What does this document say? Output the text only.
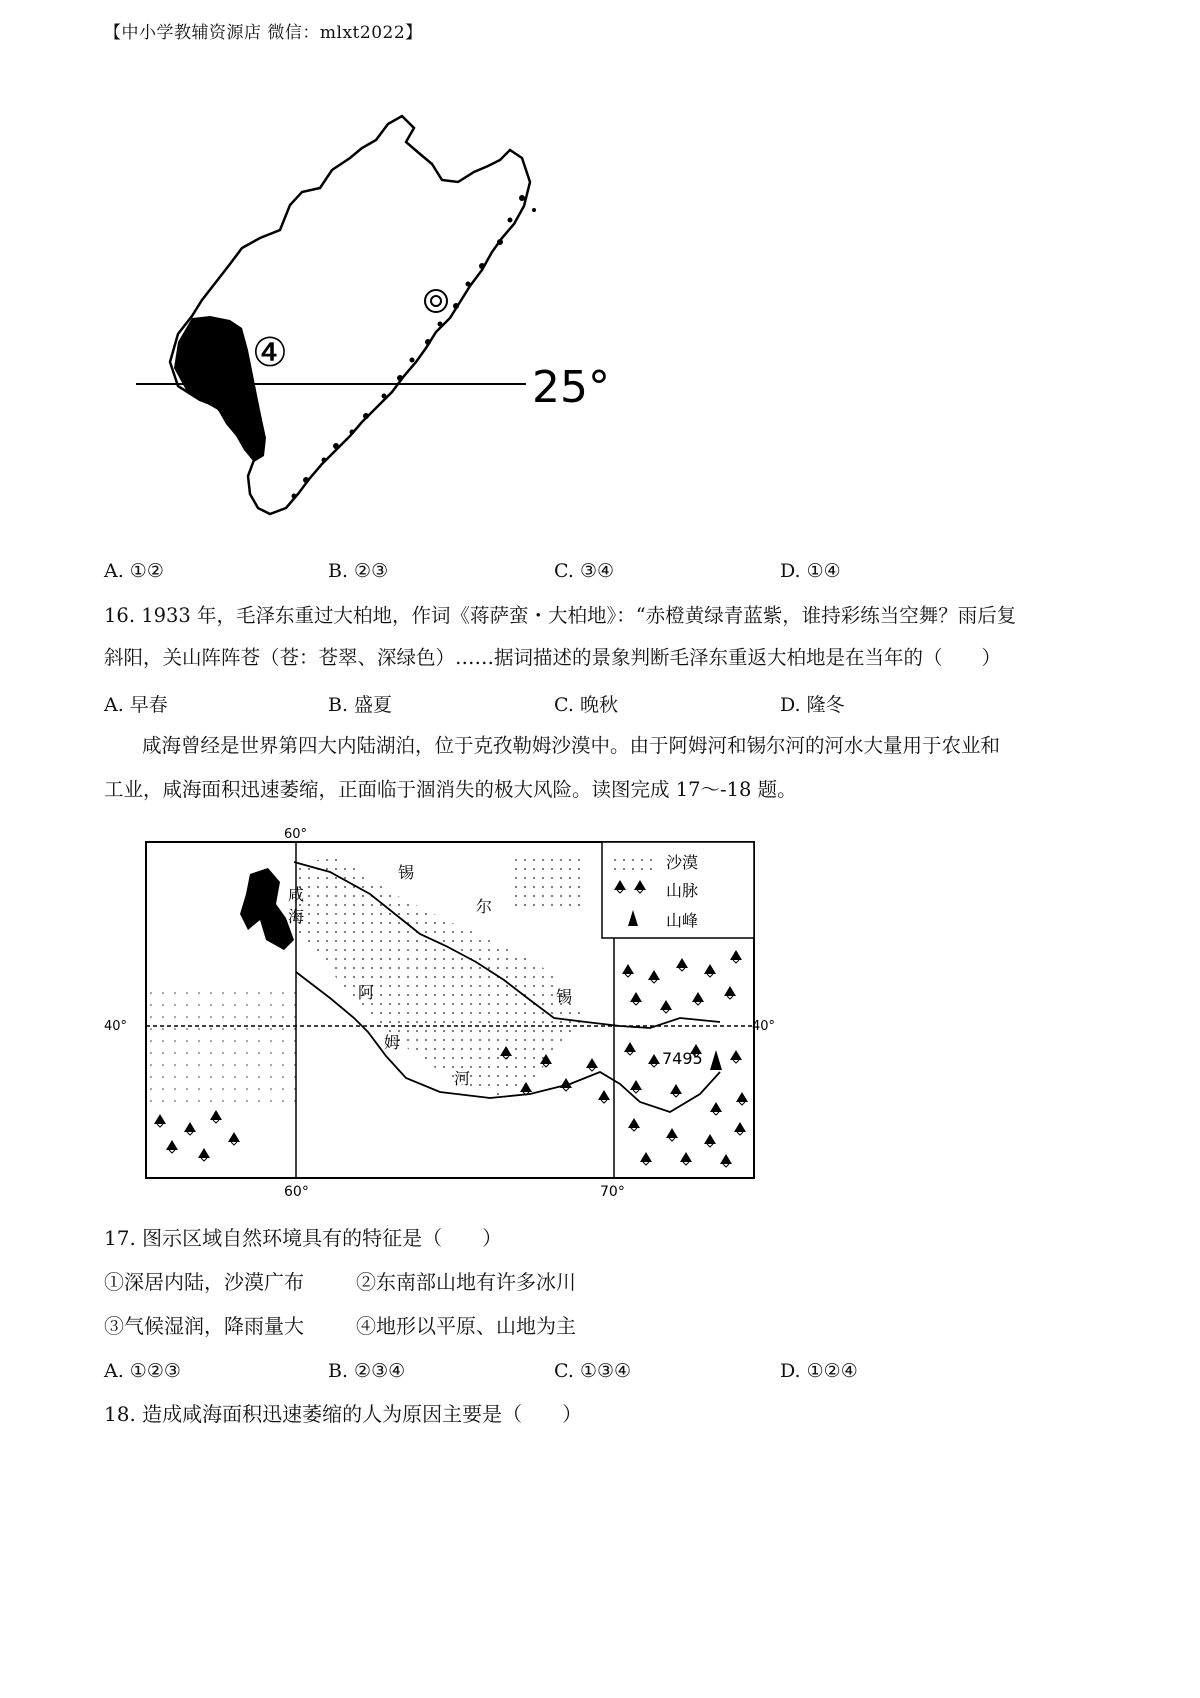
【中小学教辅资源店 微信：mlxt2022】
④
25°
A. ①②	B. ②③	C. ③④	D. ①④
16. 1933 年，毛泽东重过大柏地，作词《蒋萨蛮・大柏地》：“赤橙黄绿青蓝紫，谁持彩练当空舞？雨后复
斜阳，关山阵阵苍（苍：苍翠、深绿色）……据词描述的景象判断毛泽东重返大柏地是在当年的（　　）
A. 早春	B. 盛夏	C. 晚秋	D. 隆冬
咸海曾经是世界第四大内陆湖泊，位于克孜勒姆沙漠中。由于阿姆河和锡尔河的河水大量用于农业和
工业，咸海面积迅速萎缩，正面临于涸消失的极大风险。读图完成 17～-18 题。
7495
沙漠
山脉
山峰
咸
海
锡
尔
锡
阿
姆
河
60°
60°	70°
40°	40°
17. 图示区域自然环境具有的特征是（　　）
①深居内陆，沙漠广布	②东南部山地有许多冰川
③气候湿润，降雨量大	④地形以平原、山地为主
A. ①②③	B. ②③④	C. ①③④	D. ①②④
18. 造成咸海面积迅速萎缩的人为原因主要是（　　）
